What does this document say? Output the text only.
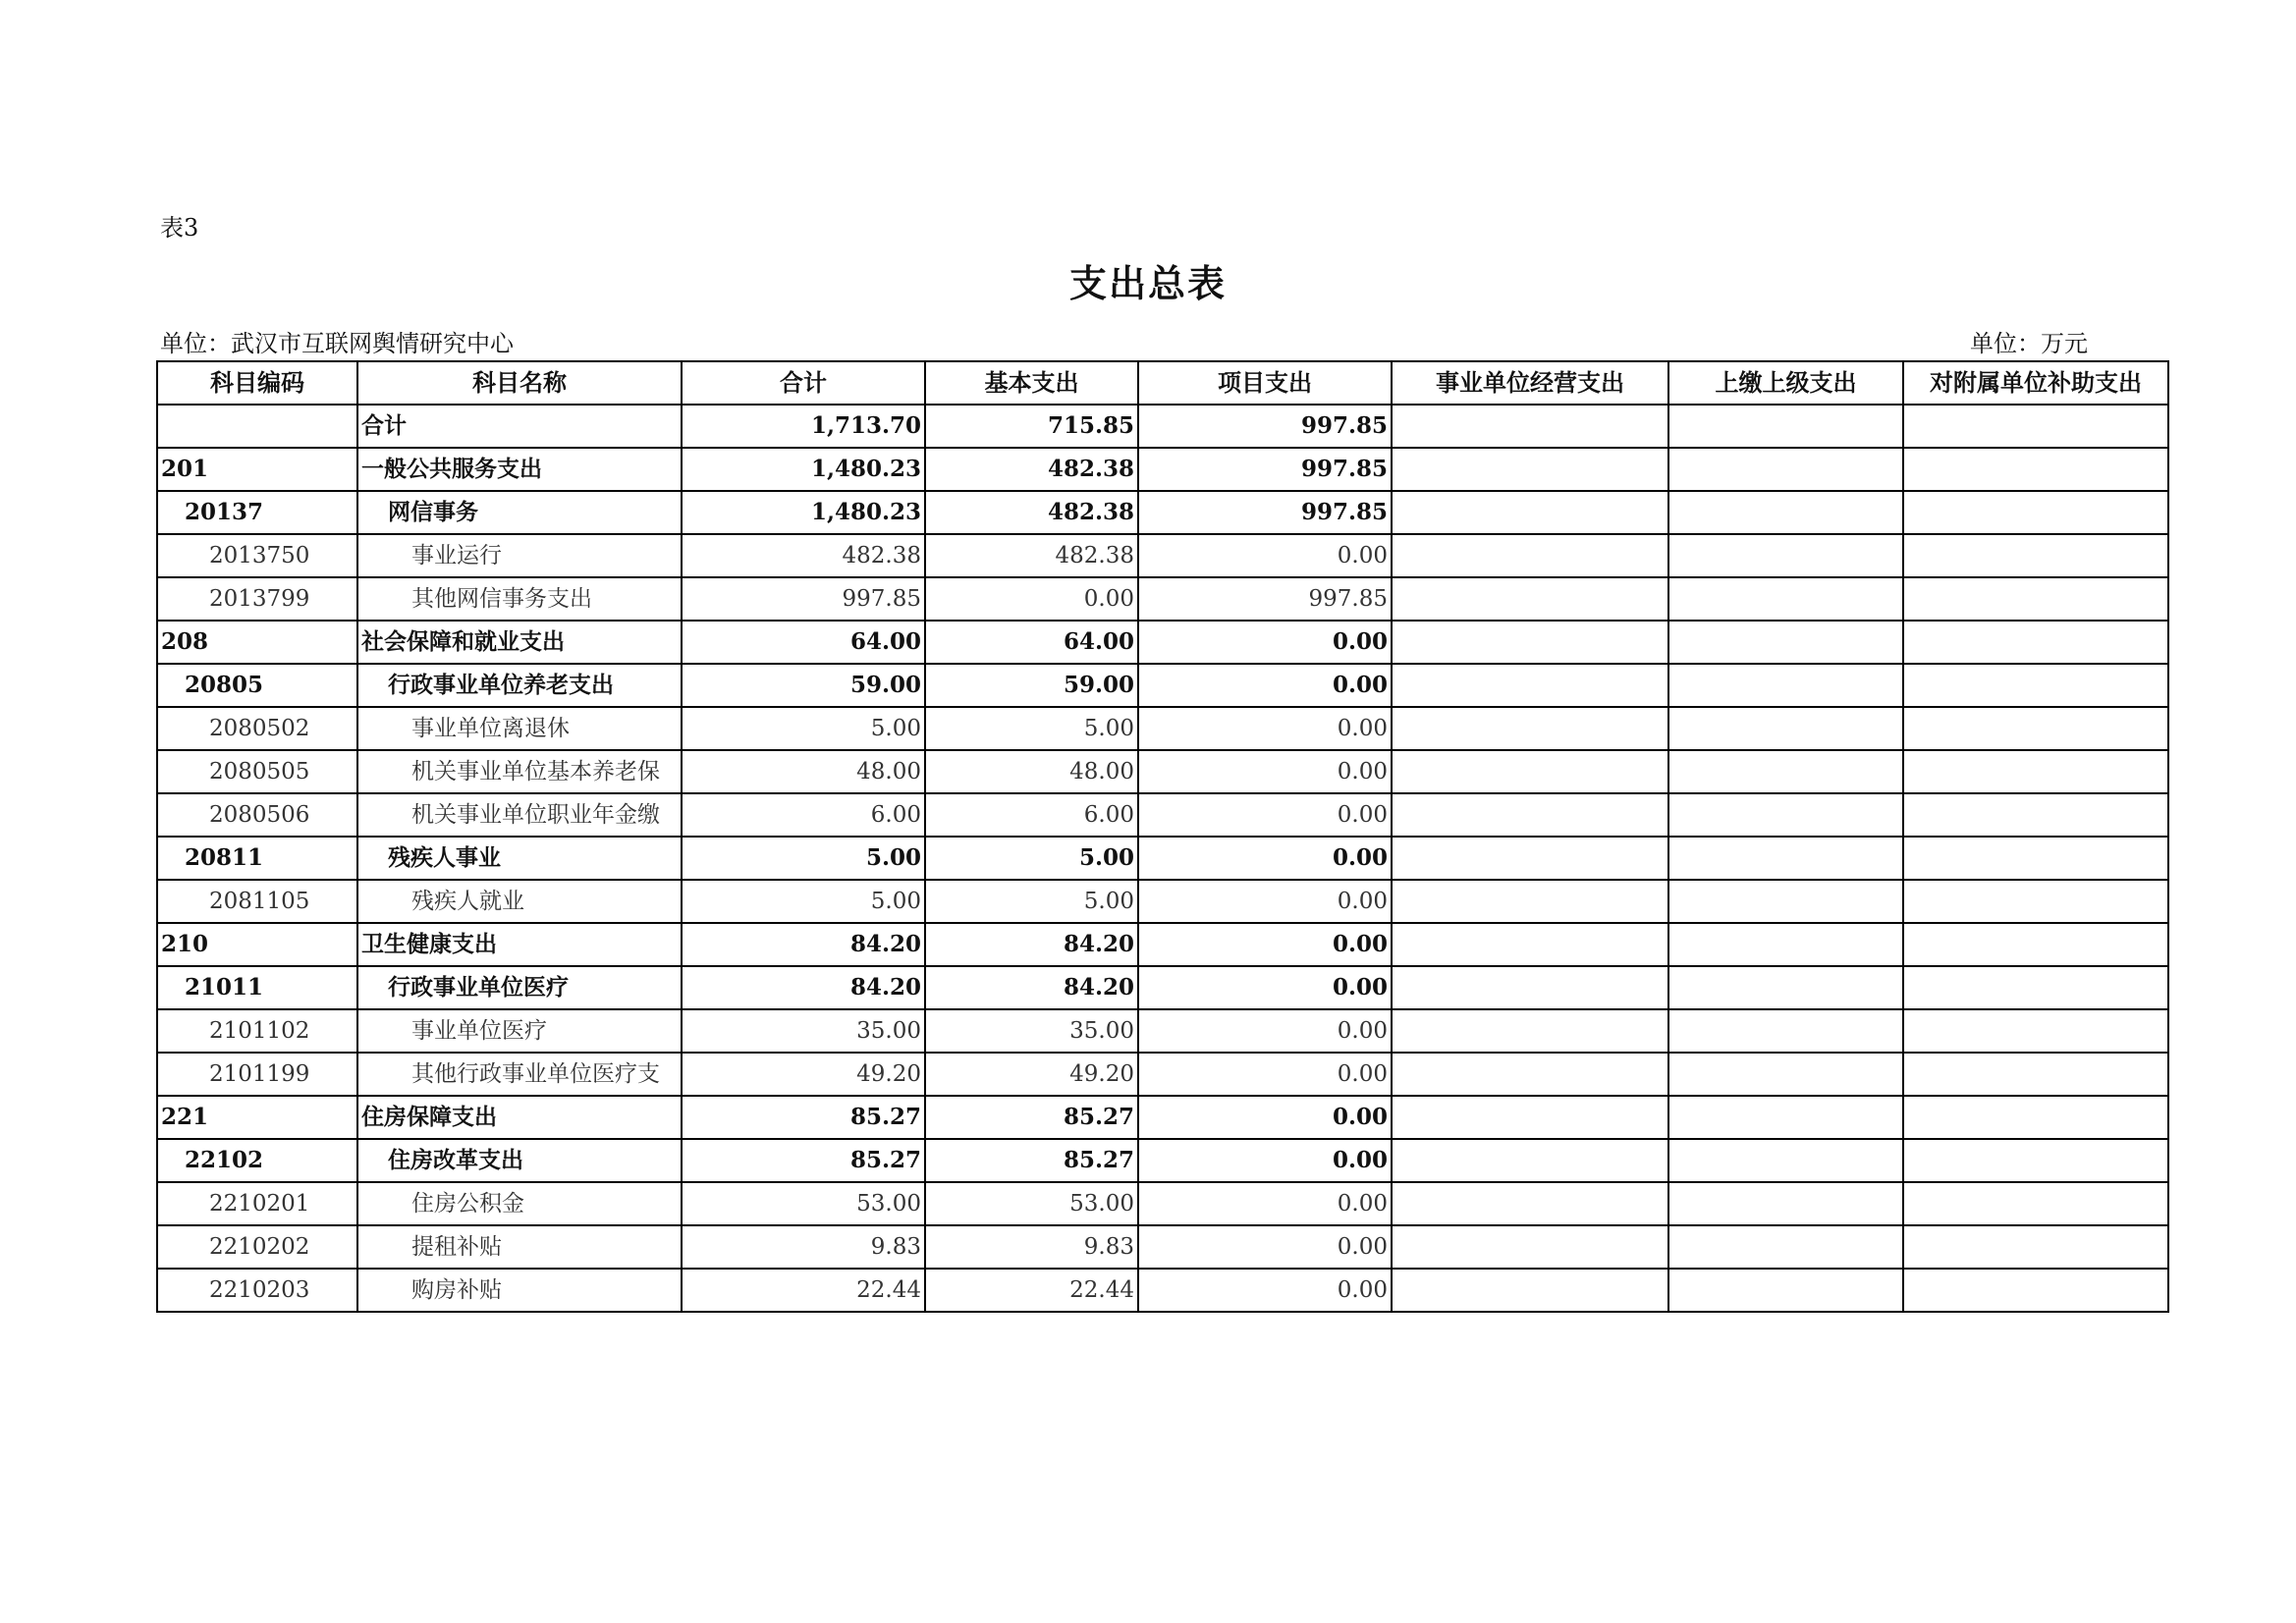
表3
支出总表
单位：武汉市互联网舆情研究中心	单位：万元
科目编码	科目名称	合计	基本支出	项目支出	事业单位经营支出	上缴上级支出	对附属单位补助支出
	合计	1,713.70	715.85	997.85			
201	一般公共服务支出	1,480.23	482.38	997.85			
20137	网信事务	1,480.23	482.38	997.85			
2013750	事业运行	482.38	482.38	0.00			
2013799	其他网信事务支出	997.85	0.00	997.85			
208	社会保障和就业支出	64.00	64.00	0.00			
20805	行政事业单位养老支出	59.00	59.00	0.00			
2080502	事业单位离退休	5.00	5.00	0.00			
2080505	机关事业单位基本养老保	48.00	48.00	0.00			
2080506	机关事业单位职业年金缴	6.00	6.00	0.00			
20811	残疾人事业	5.00	5.00	0.00			
2081105	残疾人就业	5.00	5.00	0.00			
210	卫生健康支出	84.20	84.20	0.00			
21011	行政事业单位医疗	84.20	84.20	0.00			
2101102	事业单位医疗	35.00	35.00	0.00			
2101199	其他行政事业单位医疗支	49.20	49.20	0.00			
221	住房保障支出	85.27	85.27	0.00			
22102	住房改革支出	85.27	85.27	0.00			
2210201	住房公积金	53.00	53.00	0.00			
2210202	提租补贴	9.83	9.83	0.00			
2210203	购房补贴	22.44	22.44	0.00			
